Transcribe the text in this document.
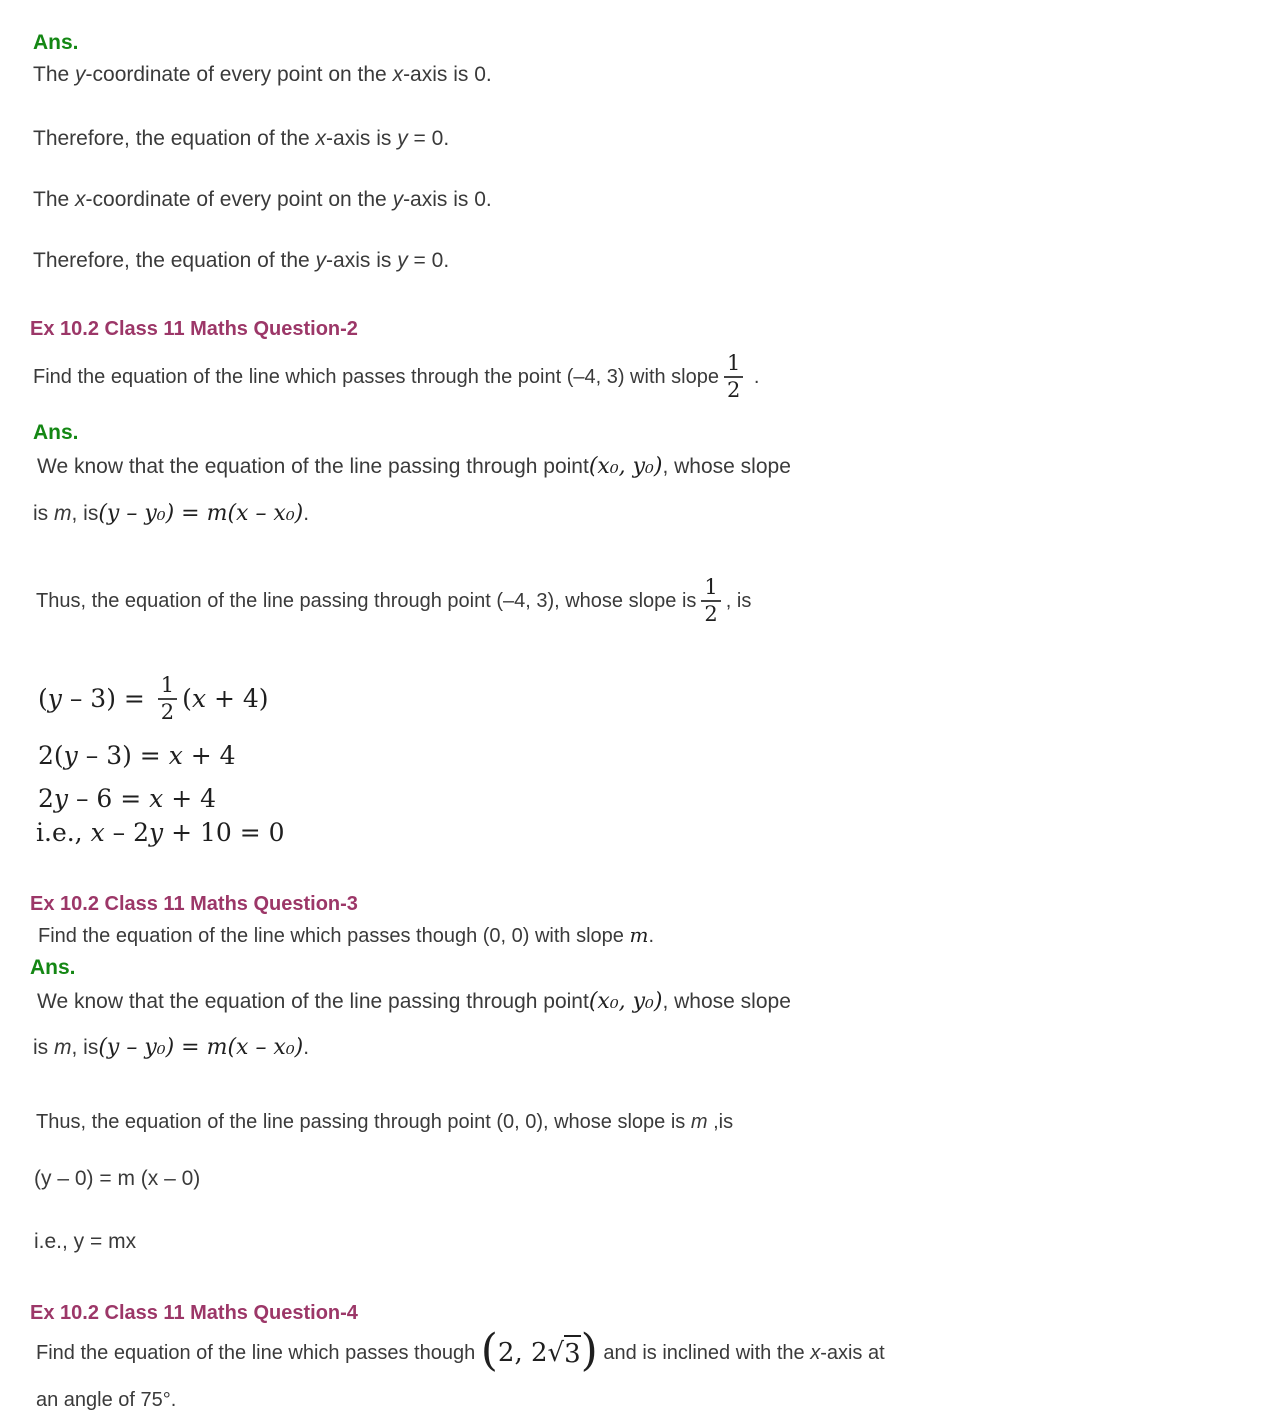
Ans.
The y-coordinate of every point on the x-axis is 0.
Therefore, the equation of the x-axis is y = 0.
The x-coordinate of every point on the y-axis is 0.
Therefore, the equation of the y-axis is y = 0.
Ex 10.2 Class 11 Maths Question-2
Find the equation of the line which passes through the point (–4, 3) with slope $\frac{1}{2}$ .
Ans.
We know that the equation of the line passing through point(x₀, y₀), whose slope
is m, is(y – y₀) = m(x – x₀).
Thus, the equation of the line passing through point (–4, 3), whose slope is $\frac{1}{2}$ , is
( $y - 3) = \frac{1}{2}$ ( x + 4)
2(y – 3) = x + 4
2y – 6 = x + 4
i.e., x – 2y + 10 = 0
Ex 10.2 Class 11 Maths Question-3
Find the equation of the line which passes though (0, 0) with slope m.
Ans.
We know that the equation of the line passing through point(x₀, y₀), whose slope
is m, is(y – y₀) = m(x – x₀).
Thus, the equation of the line passing through point (0, 0), whose slope is m ,is
(y – 0) = m (x – 0)
i.e., y = mx
Ex 10.2 Class 11 Maths Question-4
Find the equation of the line which passes though ( 2, 2 √ 3 ) and is inclined with the x -axis at
an angle of 75°.
